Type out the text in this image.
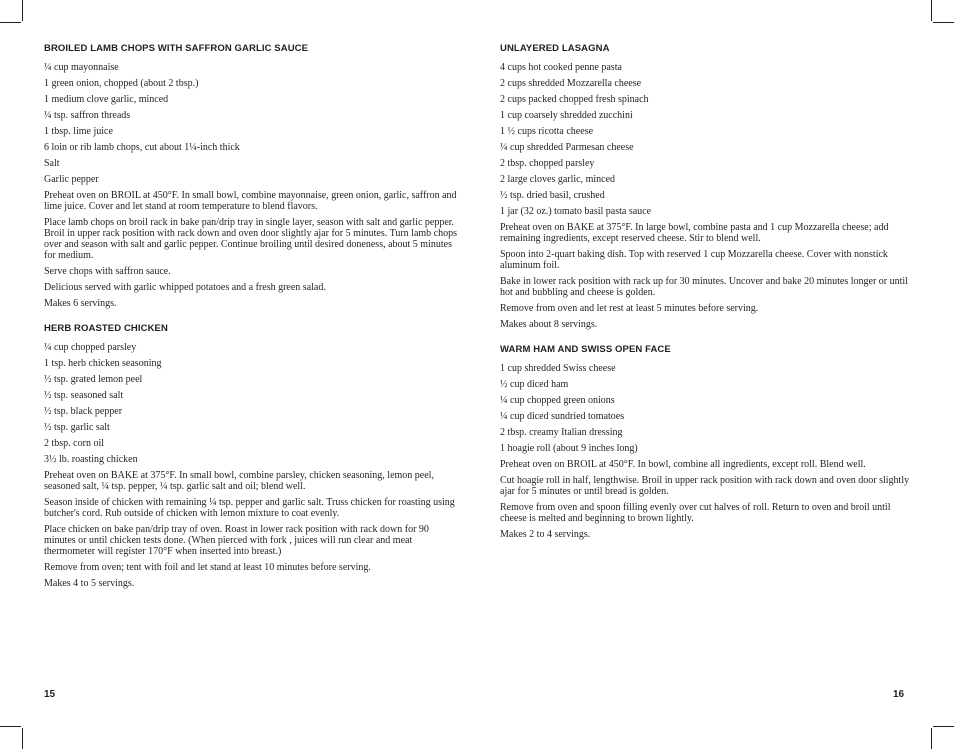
BROILED LAMB CHOPS WITH SAFFRON GARLIC SAUCE
¼ cup mayonnaise
1 green onion, chopped (about 2 tbsp.)
1 medium clove garlic, minced
¼ tsp. saffron threads
1 tbsp. lime juice
6 loin or rib lamb chops, cut about 1¼-inch thick
Salt
Garlic pepper
Preheat oven on BROIL at 450°F. In small bowl, combine mayonnaise, green onion, garlic, saffron and lime juice. Cover and let stand at room temperature to blend flavors.
Place lamb chops on broil rack in bake pan/drip tray in single layer, season with salt and garlic pepper. Broil in upper rack position with rack down and oven door slightly ajar for 5 minutes. Turn lamb chops over and season with salt and garlic pepper. Continue broiling until desired doneness, about 5 minutes for medium.
Serve chops with saffron sauce.
Delicious served with garlic whipped potatoes and a fresh green salad.
Makes 6 servings.
HERB ROASTED CHICKEN
¼ cup chopped parsley
1 tsp. herb chicken seasoning
½ tsp. grated lemon peel
½ tsp. seasoned salt
½ tsp. black pepper
½ tsp. garlic salt
2 tbsp. corn oil
3½ lb. roasting chicken
Preheat oven on BAKE at 375°F. In small bowl, combine parsley, chicken seasoning, lemon peel, seasoned salt, ¼ tsp. pepper, ¼ tsp. garlic salt and oil; blend well.
Season inside of chicken with remaining ¼ tsp. pepper and garlic salt. Truss chicken for roasting using butcher's cord. Rub outside of chicken with lemon mixture to coat evenly.
Place chicken on bake pan/drip tray of oven. Roast in lower rack position with rack down for 90 minutes or until chicken tests done. (When pierced with fork , juices will run clear and meat thermometer will register 170°F when inserted into breast.)
Remove from oven; tent with foil and let stand at least 10 minutes before serving.
Makes 4 to 5 servings.
UNLAYERED LASAGNA
4 cups hot cooked penne pasta
2 cups shredded Mozzarella cheese
2 cups packed chopped fresh spinach
1 cup coarsely shredded zucchini
1 ½ cups ricotta cheese
¼ cup shredded Parmesan cheese
2 tbsp. chopped parsley
2 large cloves garlic, minced
½ tsp. dried basil, crushed
1 jar (32 oz.) tomato basil pasta sauce
Preheat oven on BAKE at 375°F. In large bowl, combine pasta and 1 cup Mozzarella cheese; add remaining ingredients, except reserved cheese. Stir to blend well.
Spoon into 2-quart baking dish. Top with reserved 1 cup Mozzarella cheese. Cover with nonstick aluminum foil.
Bake in lower rack position with rack up for 30 minutes. Uncover and bake 20 minutes longer or until hot and bubbling and cheese is golden.
Remove from oven and let rest at least 5 minutes before serving.
Makes about 8 servings.
WARM HAM AND SWISS OPEN FACE
1 cup shredded Swiss cheese
½ cup diced ham
¼ cup chopped green onions
¼ cup diced sundried tomatoes
2 tbsp. creamy Italian dressing
1 hoagie roll (about 9 inches long)
Preheat oven on BROIL at 450°F. In bowl, combine all ingredients, except roll. Blend well.
Cut hoagie roll in half, lengthwise. Broil in upper rack position with rack down and oven door slightly ajar for 5 minutes or until bread is golden.
Remove from oven and spoon filling evenly over cut halves of roll. Return to oven and broil until cheese is melted and beginning to brown lightly.
Makes 2 to 4 servings.
15	16
